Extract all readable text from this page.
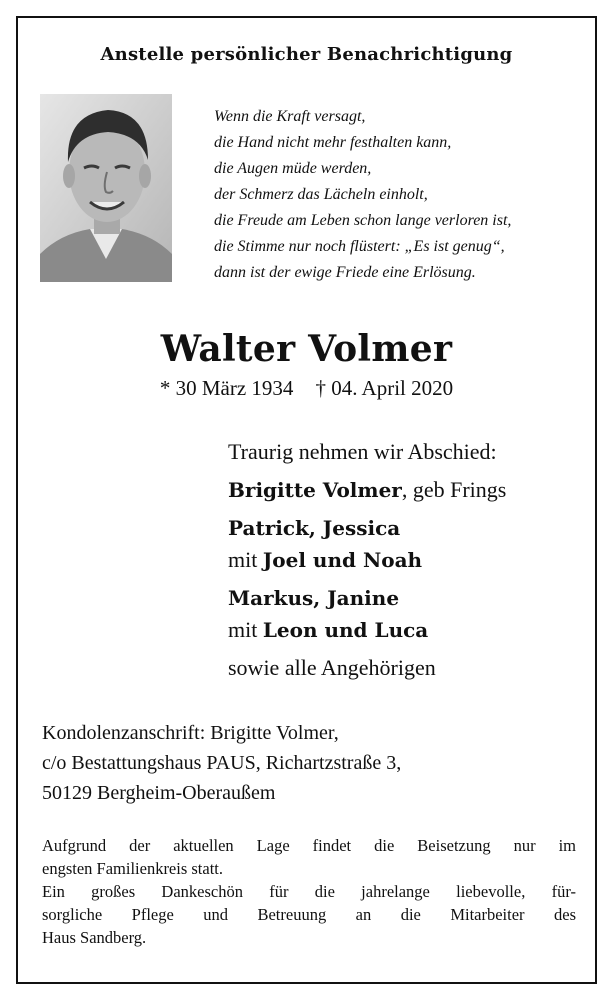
Anstelle persönlicher Benachrichtigung
Wenn die Kraft versagt,
die Hand nicht mehr festhalten kann,
die Augen müde werden,
der Schmerz das Lächeln einholt,
die Freude am Leben schon lange verloren ist,
die Stimme nur noch flüstert: „Es ist genug“,
dann ist der ewige Friede eine Erlösung.
Walter Volmer
* 30 März 1934 † 04. April 2020
Traurig nehmen wir Abschied:
Brigitte Volmer, geb Frings
Patrick, Jessica
mit Joel und Noah
Markus, Janine
mit Leon und Luca
sowie alle Angehörigen
Kondolenzanschrift: Brigitte Volmer,
c/o Bestattungshaus PAUS, Richartzstraße 3,
50129 Bergheim-Oberaußem
Aufgrund der aktuellen Lage findet die Beisetzung nur im
engsten Familienkreis statt.
Ein großes Dankeschön für die jahrelange liebevolle, für-
sorgliche Pflege und Betreuung an die Mitarbeiter des
Haus Sandberg.
